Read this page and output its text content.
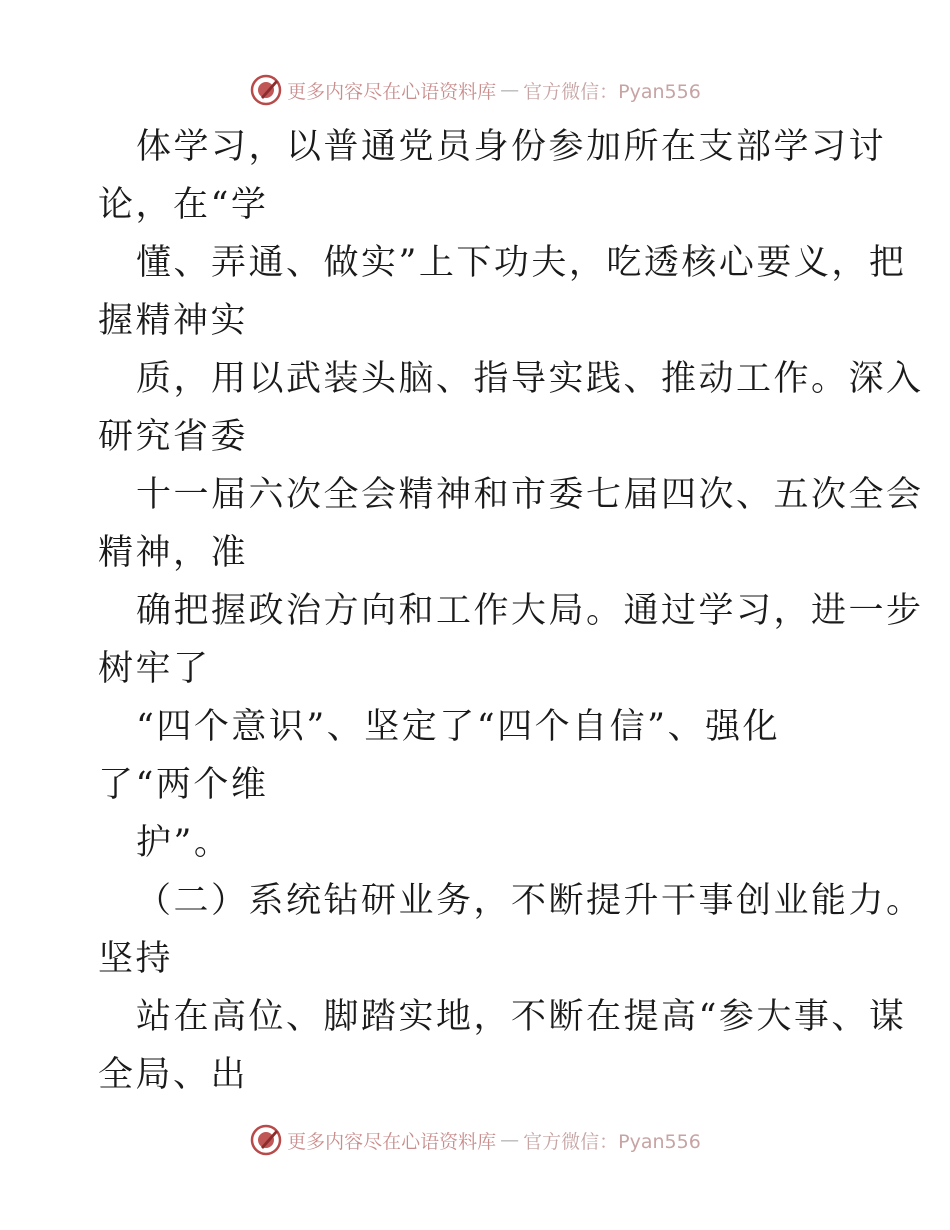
更多内容尽在心语资料库 — 官方微信：Pyan556
体学习，以普通党员身份参加所在支部学习讨
论，在“学
懂、弄通、做实”上下功夫，吃透核心要义，把
握精神实
质，用以武装头脑、指导实践、推动工作。深入
研究省委
十一届六次全会精神和市委七届四次、五次全会
精神，准
确把握政治方向和工作大局。通过学习，进一步
树牢了
“四个意识”、坚定了“四个自信”、强化
了“两个维
护”。
（二）系统钻研业务，不断提升干事创业能力。
坚持
站在高位、脚踏实地，不断在提高“参大事、谋
全局、出
更多内容尽在心语资料库 — 官方微信：Pyan556
